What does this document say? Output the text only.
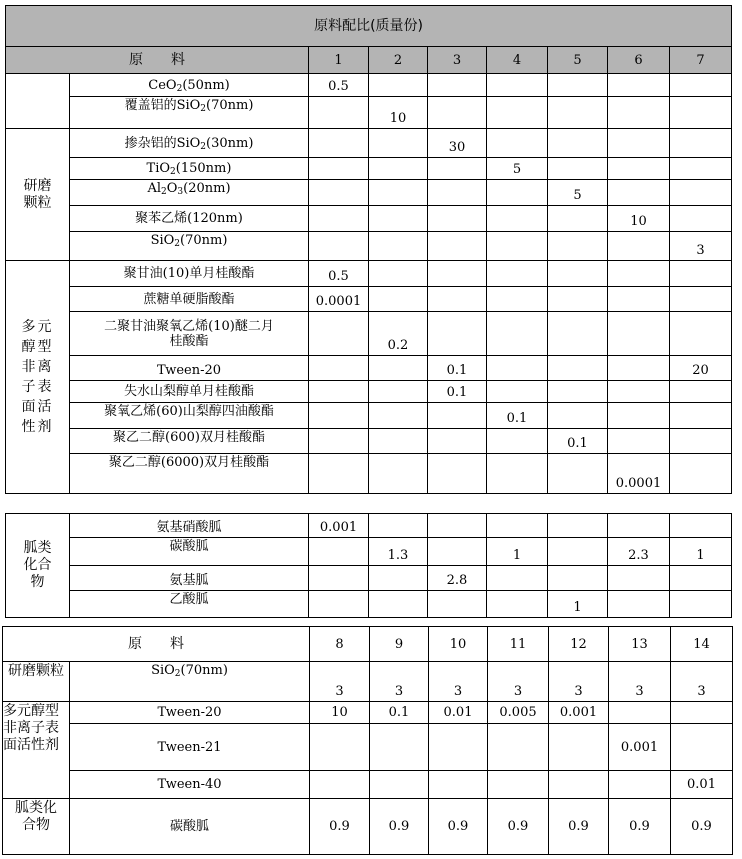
原料配比(质量份)								
原　　料		1	2	3	4	5	6	7
	CeO$_2$(50nm)	0.5						
	覆盖铝的SiO$_2$(70nm)		10					
研磨颗粒	掺杂铝的SiO$_2$(30nm)			30				
	TiO$_2$(150nm)				5			
	$Al_2O_3(20nm)$					5		
	聚苯乙烯(120nm)						10	
	SiO$_2$(70nm)							3
多元醇型非离子表面活性剂	聚甘油(10)单月桂酸酯	0.5						
	蔗糖单硬脂酸酯	0.0001						
	二聚甘油聚氧乙烯(10)醚二月桂酸酯		0.2					
	Tween-20			0.1				20
	失水山梨醇单月桂酸酯			0.1				
	聚氧乙烯(60)山梨醇四油酸酯				0.1			
	聚乙二醇(600)双月桂酸酯					0.1		
	聚乙二醇(6000)双月桂酸酯						0.0001	
胍类化合物	氨基硝酸胍	0.001						
	碳酸胍		1.3		1		2.3	1
	氨基胍			2.8				
	乙酸胍					1		
原　　料		8	9	10	11	12	13	14
研磨颗粒	SiO$_2$(70nm)	3	3	3	3	3	3	3
多元醇型非离子表面活性剂	Tween-20	10	0.1	0.01	0.005	0.001		
	Tween-21						0.001	
	Tween-40							0.01
胍类化合物	碳酸胍	0.9	0.9	0.9	0.9	0.9	0.9	0.9
